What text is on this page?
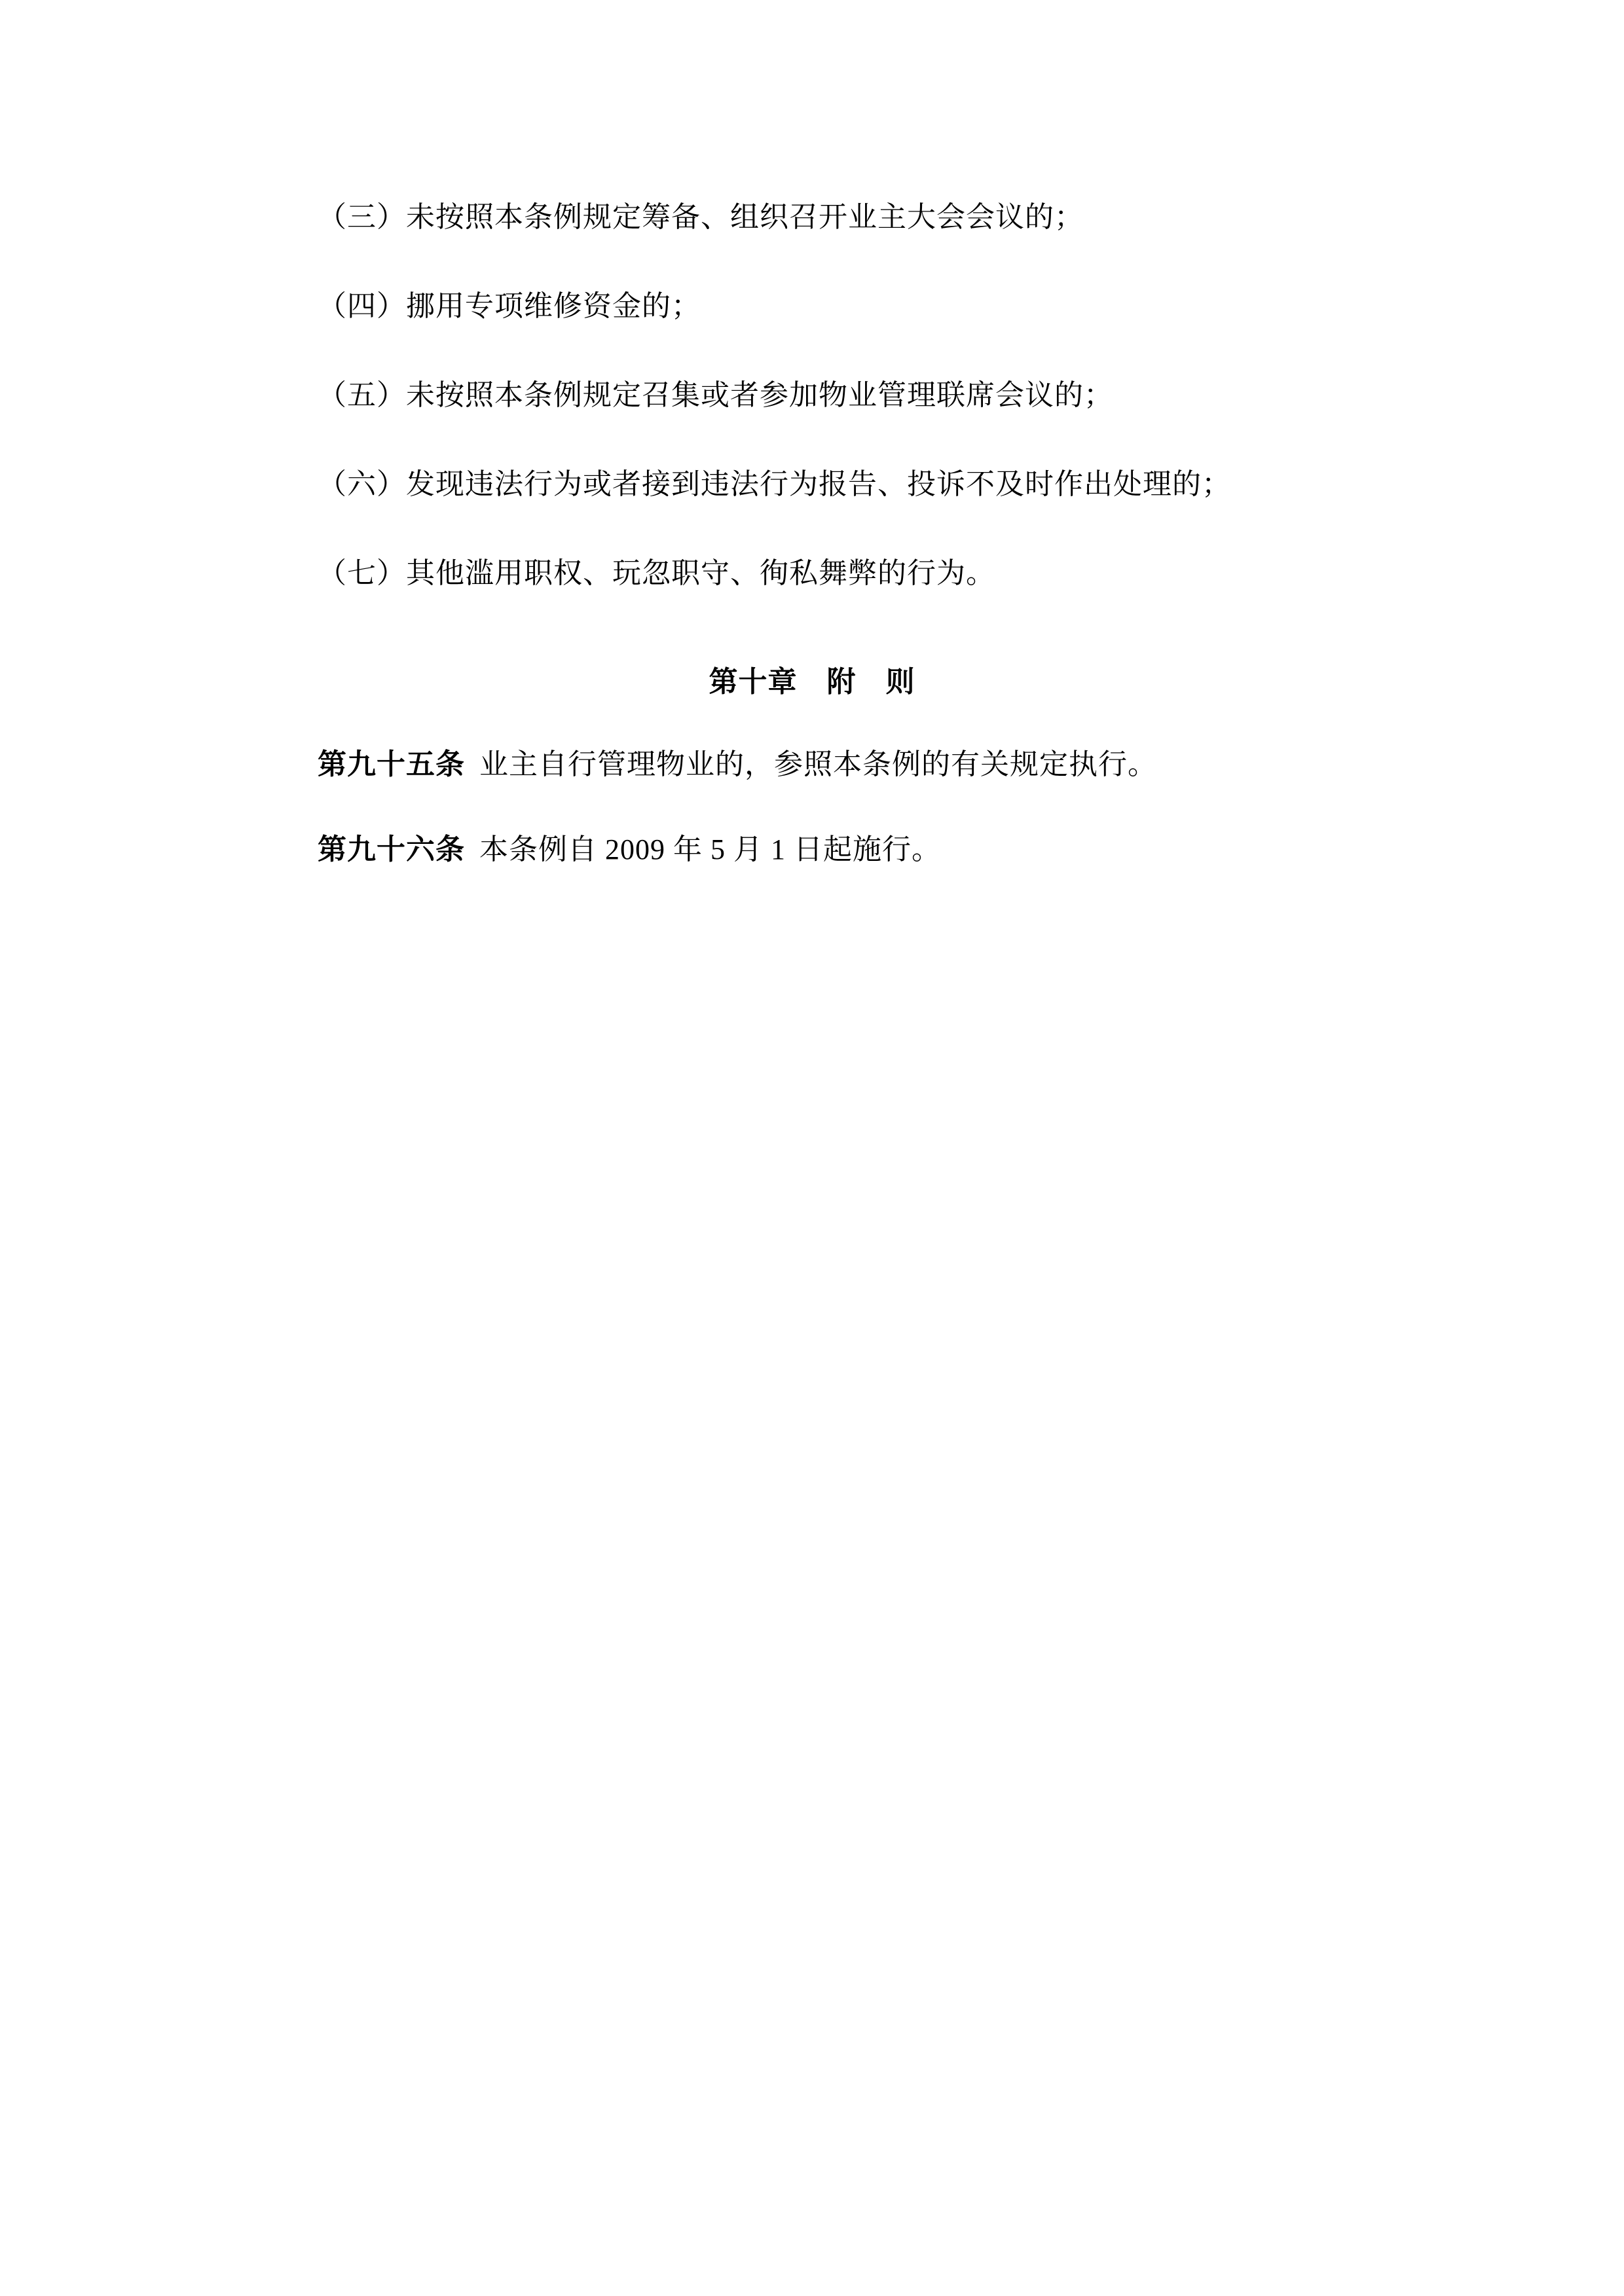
（三）未按照本条例规定筹备、组织召开业主大会会议的；

（四）挪用专项维修资金的；

（五）未按照本条例规定召集或者参加物业管理联席会议的；

（六）发现违法行为或者接到违法行为报告、投诉不及时作出处理的；

（七）其他滥用职权、玩忽职守、徇私舞弊的行为。

第十章　附　则

第九十五条 业主自行管理物业的，参照本条例的有关规定执行。

第九十六条 本条例自 2009 年 5 月 1 日起施行。
